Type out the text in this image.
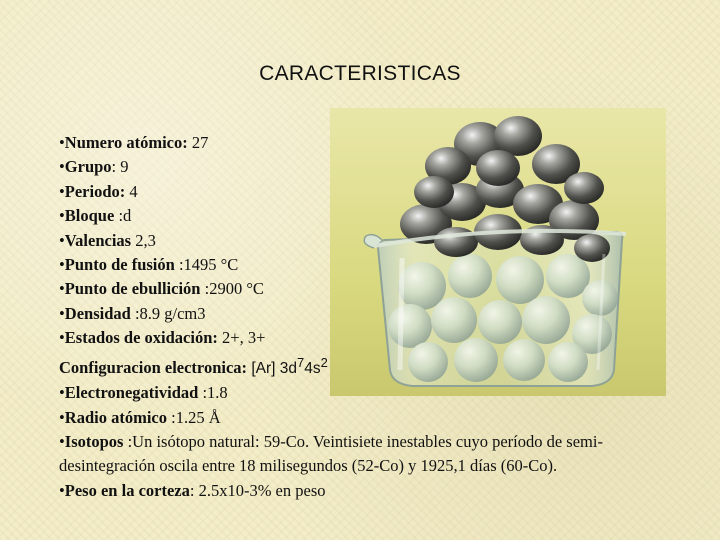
CARACTERISTICAS
•Numero atómico: 27
•Grupo: 9
•Periodo: 4
•Bloque :d
•Valencias 2,3
•Punto de fusión :1495 °C
•Punto de ebullición :2900 °C
•Densidad :8.9 g/cm3
•Estados de oxidación: 2+, 3+
Configuracion electronica: [Ar] $3d^74s^2$
•Electronegatividad :1.8
•Radio atómico :1.25 Å
•Isotopos :Un isótopo natural: 59-Co. Veintisiete inestables cuyo período de semi-desintegración oscila entre 18 milisegundos (52-Co) y 1925,1 días (60-Co).
•Peso en la corteza: 2.5x10-3% en peso
